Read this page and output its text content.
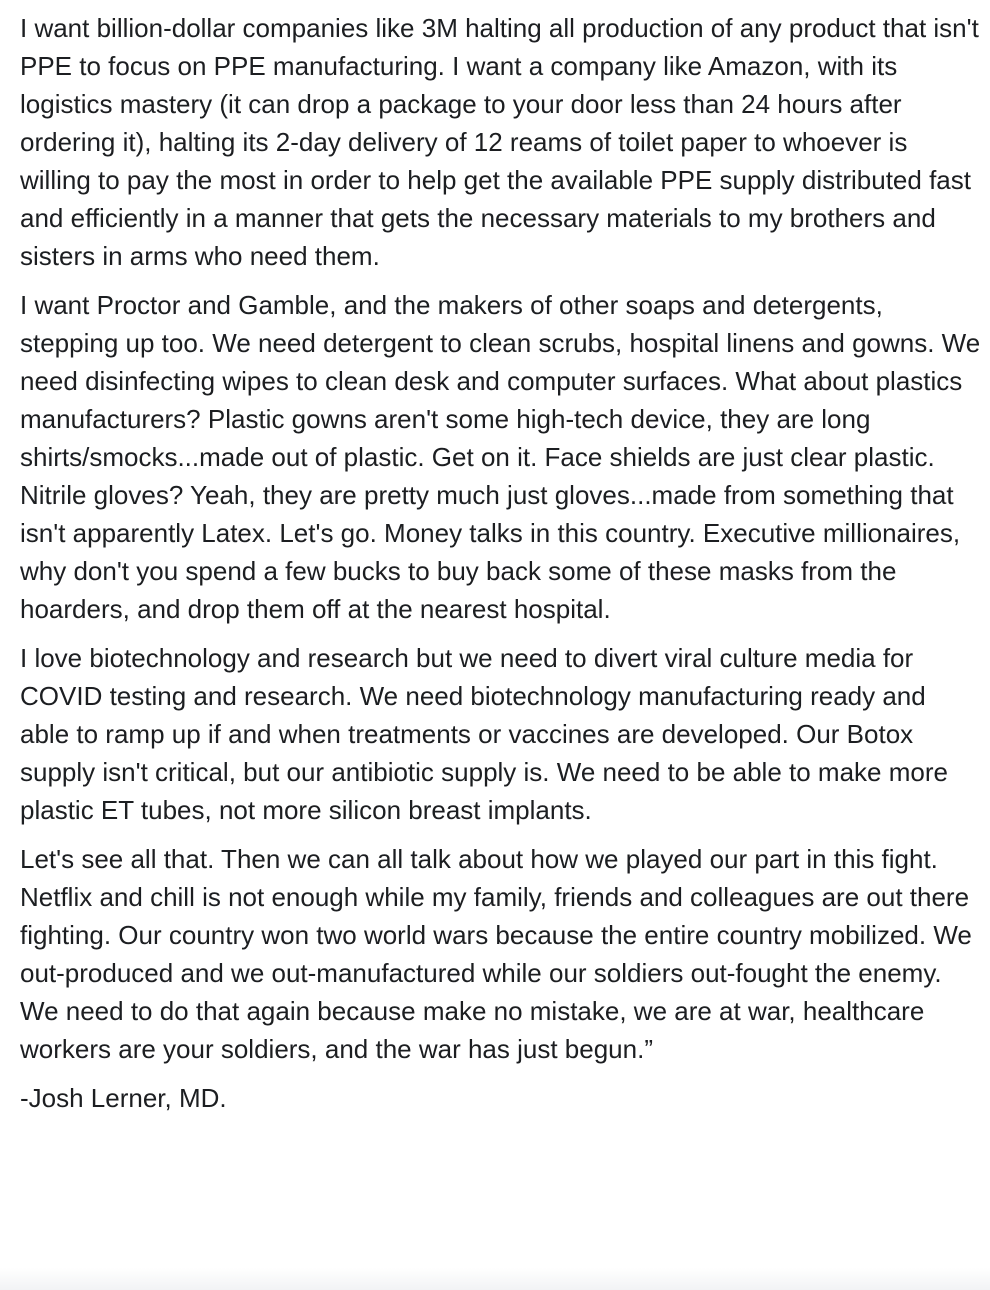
I want billion-dollar companies like 3M halting all production of any product that isn't PPE to focus on PPE manufacturing. I want a company like Amazon, with its logistics mastery (it can drop a package to your door less than 24 hours after ordering it), halting its 2-day delivery of 12 reams of toilet paper to whoever is willing to pay the most in order to help get the available PPE supply distributed fast and efficiently in a manner that gets the necessary materials to my brothers and sisters in arms who need them.

I want Proctor and Gamble, and the makers of other soaps and detergents, stepping up too. We need detergent to clean scrubs, hospital linens and gowns. We need disinfecting wipes to clean desk and computer surfaces. What about plastics manufacturers? Plastic gowns aren't some high-tech device, they are long shirts/smocks...made out of plastic. Get on it. Face shields are just clear plastic. Nitrile gloves? Yeah, they are pretty much just gloves...made from something that isn't apparently Latex. Let's go. Money talks in this country. Executive millionaires, why don't you spend a few bucks to buy back some of these masks from the hoarders, and drop them off at the nearest hospital.

I love biotechnology and research but we need to divert viral culture media for COVID testing and research. We need biotechnology manufacturing ready and able to ramp up if and when treatments or vaccines are developed. Our Botox supply isn't critical, but our antibiotic supply is. We need to be able to make more plastic ET tubes, not more silicon breast implants.

Let's see all that. Then we can all talk about how we played our part in this fight. Netflix and chill is not enough while my family, friends and colleagues are out there fighting. Our country won two world wars because the entire country mobilized. We out-produced and we out-manufactured while our soldiers out-fought the enemy. We need to do that again because make no mistake, we are at war, healthcare workers are your soldiers, and the war has just begun.”

-Josh Lerner, MD.
